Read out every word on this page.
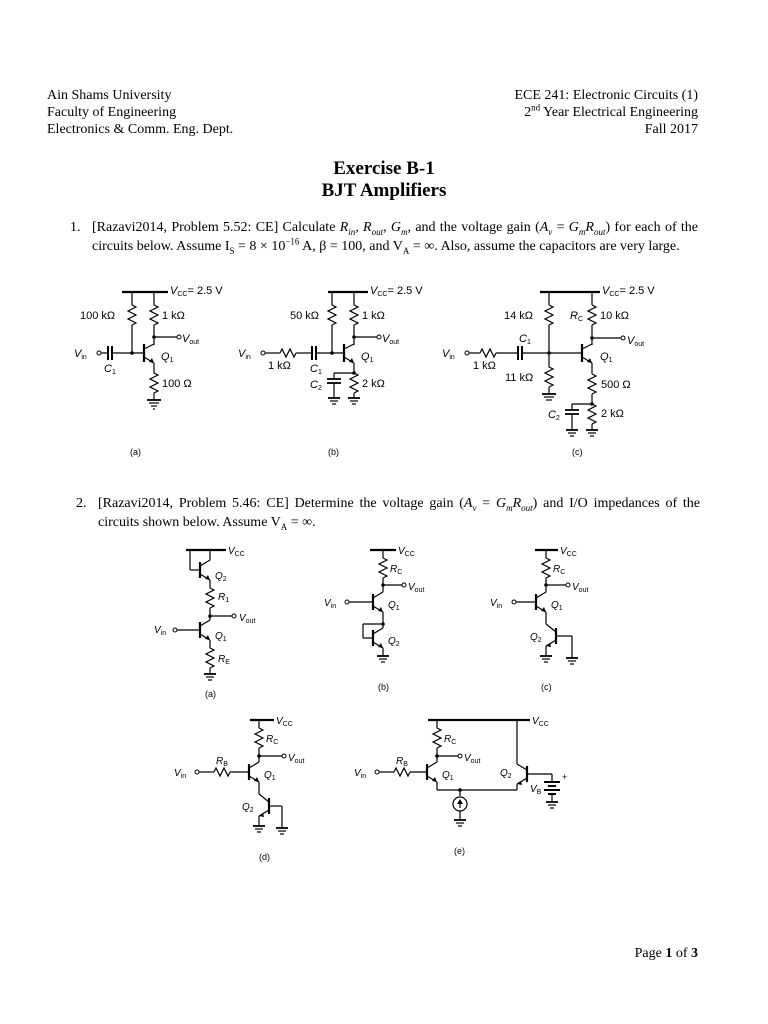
Ain Shams University
Faculty of Engineering
Electronics & Comm. Eng. Dept.
ECE 241: Electronic Circuits (1)
2nd Year Electrical Engineering
Fall 2017
Exercise B-1
BJT Amplifiers
1. [Razavi2014, Problem 5.52: CE] Calculate $R_{in}$, $R_{out}$, $G_m$, and the voltage gain $(A_v = G_mR_{out})$ for each of the circuits below. Assume $I_S = 8 \times 10^{-16}$ A, β = 100, and $V_A$ = ∞. Also, assume the capacitors are very large.
VCC= 2.5 V
100 kΩ	1 kΩ
Vout
Vin
C1
Q1
100 Ω
VCC= 2.5 V
50 kΩ	1 kΩ
Vout
Vin
1 kΩ C1
Q1
C2	2 kΩ
VCC= 2.5 V
14 kΩ	RC 10 kΩ
C1	Vout
Vin	Q1
1 kΩ
11 kΩ
500 Ω
C2	2 kΩ
(a)	(b)	(c)
2. [Razavi2014, Problem 5.46: CE] Determine the voltage gain $(A_v = G_mR_{out})$ and I/O impedances of the circuits shown below. Assume $V_A$ = ∞.
$V_{CC}$
$Q_2$
$R_1$
$V_{out}$
$V_{in}$	$Q_1$
$R_E$
$V_{CC}$
$R_C$
$V_{out}$
$V_{in}$	$Q_1$
$Q_2$
$V_{CC}$
$R_C$
$V_{out}$
$V_{in}$	$Q_1$
$Q_2$
$V_{CC}$
$R_C$
$V_{out}$
$R_B$
$V_{in}$	$Q_1$
$Q_2$
$V_{CC}$
$R_C$
$V_{out}$
$R_B$
$V_{in}$	$Q_1$	$Q_2$	+
$V_B$
(a)
(b)	(c)
(d)
(e)
Page 1 of 3
